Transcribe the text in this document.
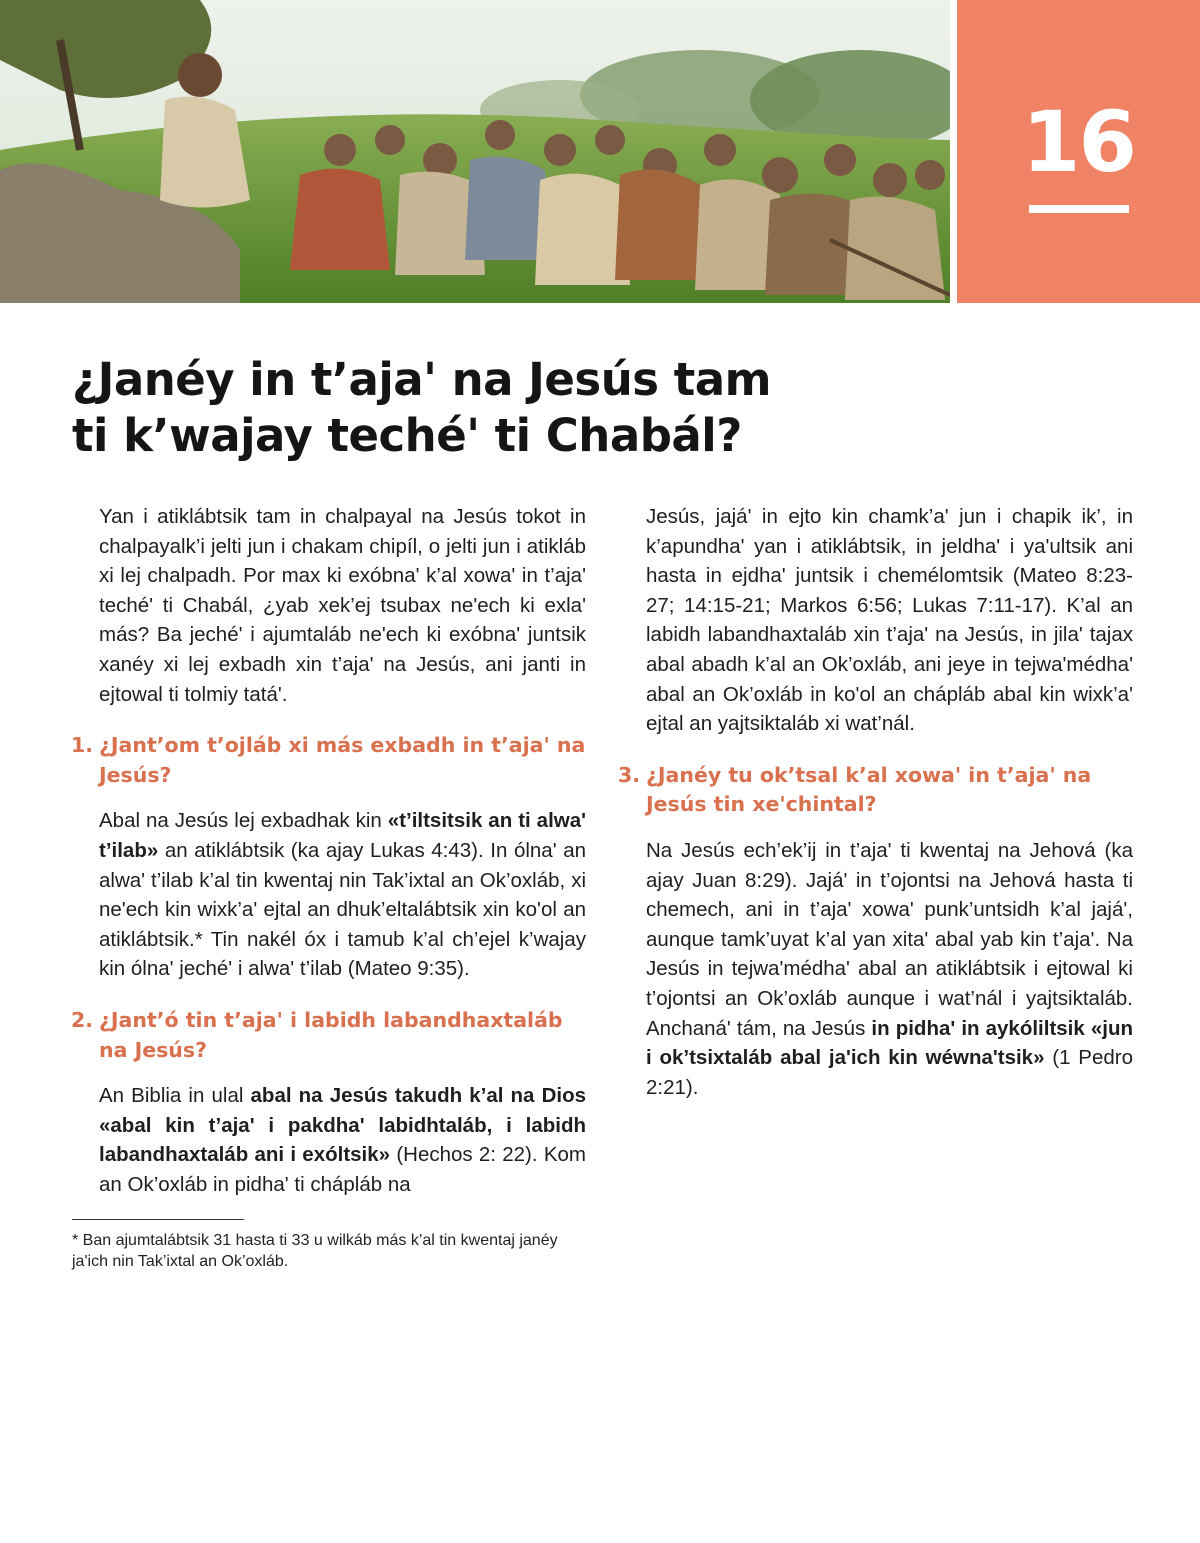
16
¿Janéy in t’aja' na Jesús tam
ti k’wajay teché' ti Chabál?

Yan i atiklábtsik tam in chalpayal na Jesús tokot in chalpayalk’i jelti jun i chakam chipíl, o jelti jun i atikláb xi lej chalpadh. Por max ki exóbna' k’al xowa' in t’aja' teché' ti Chabál, ¿yab xek’ej tsubax ne'ech ki exla' más? Ba jeché' i ajumtaláb ne'ech ki exóbna' juntsik xanéy xi lej exbadh xin t’aja' na Jesús, ani janti in ejtowal ti tolmiy tatá'.

1. ¿Jant’om t’ojláb xi más exbadh in t’aja' na Jesús?

Abal na Jesús lej exbadhak kin «t’iltsitsik an ti alwa' t’ilab» an atiklábtsik (ka ajay Lukas 4:43). In ólna' an alwa' t’ilab k’al tin kwentaj nin Tak’ixtal an Ok’oxláb, xi ne'ech kin wixk’a' ejtal an dhuk’eltalábtsik xin ko'ol an atiklábtsik.* Tin nakél óx i tamub k’al ch’ejel k’wajay kin ólna' jeché' i alwa' t’ilab (Mateo 9:35).

2. ¿Jant’ó tin t’aja' i labidh labandhaxtaláb na Jesús?

An Biblia in ulal abal na Jesús takudh k’al na Dios «abal kin t’aja' i pakdha' labidhtaláb, i labidh labandhaxtaláb ani i exóltsik» (Hechos 2: 22). Kom an Ok’oxláb in pidha' ti chápláb na

Jesús, jajá' in ejto kin chamk’a' jun i chapik ik’, in k’apundha' yan i atiklábtsik, in jeldha' i ya'ultsik ani hasta in ejdha' juntsik i chemélomtsik (Mateo 8:23-27; 14:15-21; Markos 6:56; Lukas 7:11-17). K’al an labidh labandhaxtaláb xin t’aja' na Jesús, in jila' tajax abal abadh k’al an Ok’oxláb, ani jeye in tejwa'médha' abal an Ok’oxláb in ko'ol an chápláb abal kin wixk’a' ejtal an yajtsiktaláb xi wat’nál.

3. ¿Janéy tu ok’tsal k’al xowa' in t’aja' na Jesús tin xe'chintal?

Na Jesús ech’ek’ij in t’aja' ti kwentaj na Jehová (ka ajay Juan 8:29). Jajá' in t’ojontsi na Jehová hasta ti chemech, ani in t’aja' xowa' punk’untsidh k’al jajá', aunque tamk’uyat k’al yan xita' abal yab kin t’aja'. Na Jesús in tejwa'médha' abal an atiklábtsik i ejtowal ki t’ojontsi an Ok’oxláb aunque i wat’nál i yajtsiktaláb. Anchaná' tám, na Jesús in pidha' in aykóliltsik «jun i ok’tsixtaláb abal ja'ich kin wéwna'tsik» (1 Pedro 2:21).

* Ban ajumtalábtsik 31 hasta ti 33 u wilkáb más k’al tin kwentaj janéy ja'ich nin Tak’ixtal an Ok’oxláb.
